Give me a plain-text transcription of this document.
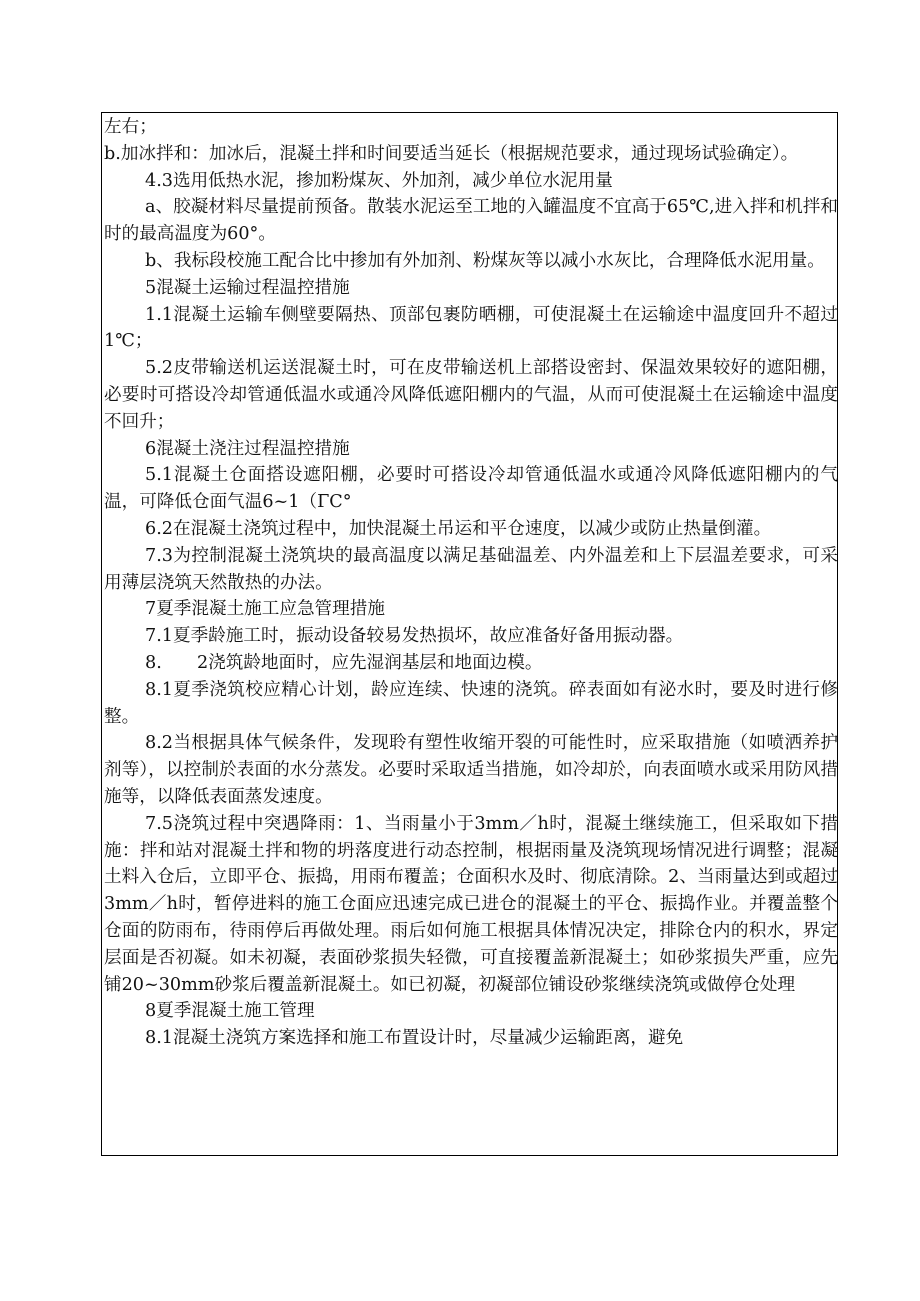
左右；

b.加冰拌和：加冰后，混凝土拌和时间要适当延长（根据规范要求，通过现场试验确定）。

4.3选用低热水泥，掺加粉煤灰、外加剂，减少单位水泥用量

a、胶凝材料尽量提前预备。散装水泥运至工地的入罐温度不宜高于65℃,进入拌和机拌和时的最高温度为60°。

b、我标段校施工配合比中掺加有外加剂、粉煤灰等以减小水灰比，合理降低水泥用量。

5混凝土运输过程温控措施

1.1混凝土运输车侧壁要隔热、顶部包裹防晒棚，可使混凝土在运输途中温度回升不超过1℃；

5.2皮带输送机运送混凝土时，可在皮带输送机上部搭设密封、保温效果较好的遮阳棚，必要时可搭设冷却管通低温水或通冷风降低遮阳棚内的气温，从而可使混凝土在运输途中温度不回升；

6混凝土浇注过程温控措施

5.1混凝土仓面搭设遮阳棚，必要时可搭设冷却管通低温水或通冷风降低遮阳棚内的气温，可降低仓面气温6~1（ΓC°

6.2在混凝土浇筑过程中，加快混凝土吊运和平仓速度，以减少或防止热量倒灌。

7.3为控制混凝土浇筑块的最高温度以满足基础温差、内外温差和上下层温差要求，可采用薄层浇筑天然散热的办法。

7夏季混凝土施工应急管理措施

7.1夏季龄施工时，振动设备较易发热损坏，故应准备好备用振动器。

8.　　2浇筑龄地面时，应先湿润基层和地面边模。

8.1夏季浇筑校应精心计划，龄应连续、快速的浇筑。碎表面如有泌水时，要及时进行修整。

8.2当根据具体气候条件，发现聆有塑性收缩开裂的可能性时，应采取措施（如喷洒养护剂等），以控制於表面的水分蒸发。必要时采取适当措施，如冷却於，向表面喷水或采用防风措施等，以降低表面蒸发速度。

7.5浇筑过程中突遇降雨：1、当雨量小于3mm／h时，混凝土继续施工，但采取如下措施：拌和站对混凝土拌和物的坍落度进行动态控制，根据雨量及浇筑现场情况进行调整；混凝土料入仓后，立即平仓、振捣，用雨布覆盖；仓面积水及时、彻底清除。2、当雨量达到或超过3mm／h时，暂停进料的施工仓面应迅速完成已进仓的混凝土的平仓、振捣作业。并覆盖整个仓面的防雨布，待雨停后再做处理。雨后如何施工根据具体情况决定，排除仓内的积水，界定层面是否初凝。如未初凝，表面砂浆损失轻微，可直接覆盖新混凝土；如砂浆损失严重，应先铺20~30mm砂浆后覆盖新混凝土。如已初凝，初凝部位铺设砂浆继续浇筑或做停仓处理

8夏季混凝土施工管理

8.1混凝土浇筑方案选择和施工布置设计时，尽量减少运输距离，避免
